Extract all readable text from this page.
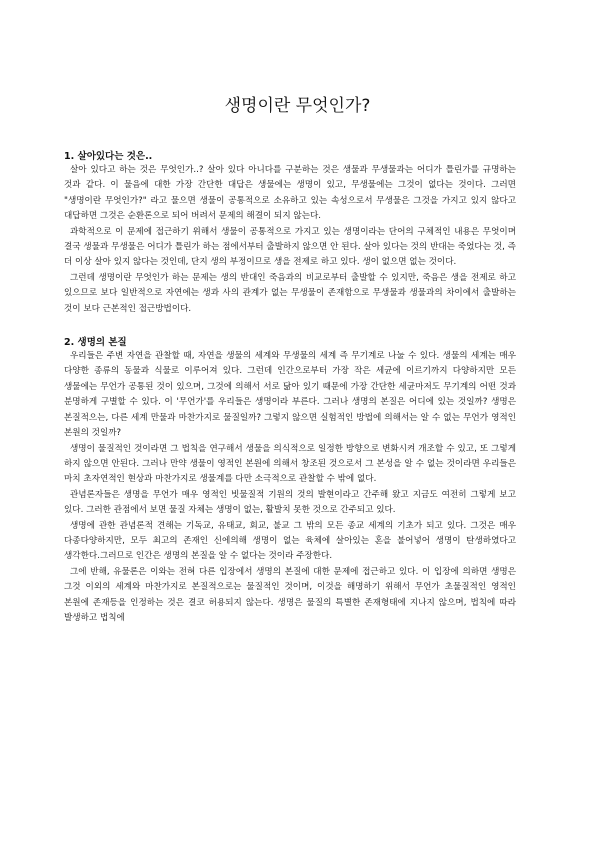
생명이란 무엇인가?

1. 살아있다는 것은..

살아 있다고 하는 것은 무엇인가..? 살아 있다 아니다를 구분하는 것은 생물과 무생물과는 어디가 틀린가를 규명하는 것과 같다. 이 물음에 대한 가장 간단한 대답은 생물에는 생명이 있고, 무생물에는 그것이 없다는 것이다. 그러면 "생명이란 무엇인가?" 라고 물으면 생물이 공통적으로 소유하고 있는 속성으로서 무생물은 그것을 가지고 있지 않다고 대답하면 그것은 순환론으로 되어 버려서 문제의 해결이 되지 않는다.

과학적으로 이 문제에 접근하기 위해서 생물이 공통적으로 가지고 있는 생명이라는 단어의 구체적인 내용은 무엇이며 결국 생물과 무생물은 어디가 틀린가 하는 점에서부터 출발하지 않으면 안 된다. 살아 있다는 것의 반대는 죽었다는 것, 즉 더 이상 살아 있지 않다는 것인데, 단지 생의 부정이므로 생을 전제로 하고 있다. 생이 없으면 없는 것이다.

그런데 생명이란 무엇인가 하는 문제는 생의 반대인 죽음과의 비교로부터 출발할 수 있지만, 죽음은 생을 전제로 하고 있으므로 보다 일반적으로 자연에는 생과 사의 관계가 없는 무생물이 존재함으로 무생물과 생물과의 차이에서 출발하는 것이 보다 근본적인 접근방법이다.

2. 생명의 본질

우리들은 주변 자연을 관찰할 때, 자연을 생물의 세계와 무생물의 세계 즉 무기계로 나눌 수 있다. 생물의 세계는 매우 다양한 종류의 동물과 식물로 이루어져 있다. 그런데 인간으로부터 가장 작은 세균에 이르기까지 다양하지만 모든 생물에는 무언가 공통된 것이 있으며, 그것에 의해서 서로 닮아 있기 때문에 가장 간단한 세균마저도 무기계의 어떤 것과 분명하게 구별할 수 있다. 이 '무언가'를 우리들은 생명이라 부른다. 그러나 생명의 본질은 어디에 있는 것일까? 생명은 본질적으는, 다른 세계 만물과 마찬가지로 물질일까? 그렇지 않으면 실험적인 방법에 의해서는 알 수 없는 무언가 영적인 본원의 것일까?

생명이 물질적인 것이라면 그 법칙을 연구해서 생물을 의식적으로 일정한 방향으로 변화시켜 개조할 수 있고, 또 그렇게 하지 않으면 안된다. 그러나 만약 생물이 영적인 본원에 의해서 창조된 것으로서 그 본성을 알 수 없는 것이라면 우리들은 마치 초자연적인 현상과 마찬가지로 생물계를 다만 소극적으로 관찰할 수 밖에 없다.

관념론자들은 생명을 무언가 매우 영적인 빗물질적 기원의 것의 발현이라고 간주해 왔고 지금도 여전히 그렇게 보고 있다. 그러한 관점에서 보면 물질 자체는 생명이 없는, 활발치 못한 것으로 간주되고 있다.

생명에 관한 관념론적 견해는 기독교, 유태교, 회교, 불교 그 밖의 모든 종교 세계의 기초가 되고 있다. 그것은 매우 다종다양하지만, 모두 최고의 존재인 신에의해 생명이 없는 육체에 살아있는 혼을 불어넣어 생명이 탄생하였다고 생각한다.그러므로 인간은 생명의 본질을 알 수 없다는 것이라 주장한다.

그에 반해, 유물론은 이와는 전혀 다른 입장에서 생명의 본질에 대한 문제에 접근하고 있다. 이 입장에 의하면 생명은 그것 이외의 세계와 마찬가지로 본질적으로는 물질적인 것이며, 이것을 해명하기 위해서 무언가 초물질적인 영적인 본원에 존재등을 인정하는 것은 결코 허용되지 않는다. 생명은 물질의 특별한 존재형태에 지나지 않으며, 법칙에 따라 발생하고 법칙에
